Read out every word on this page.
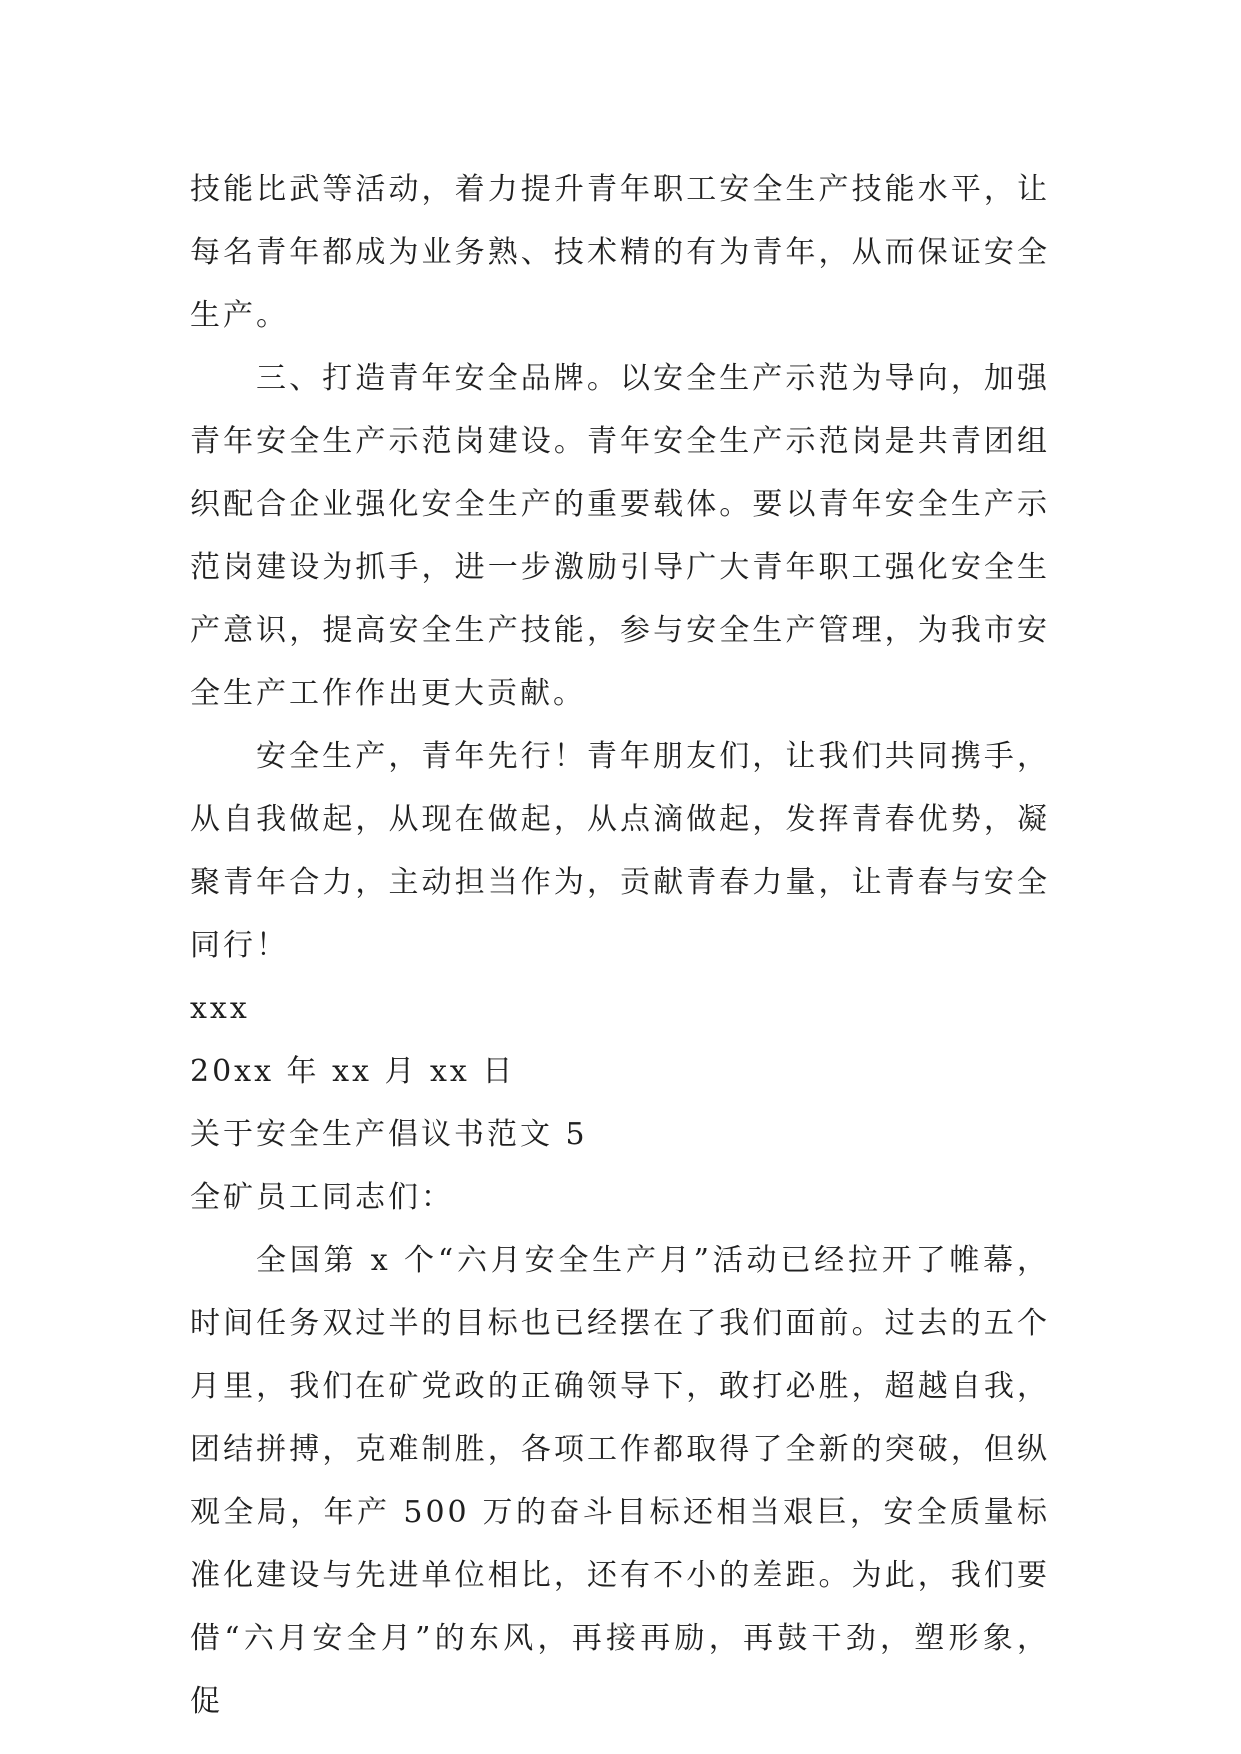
技能比武等活动，着力提升青年职工安全生产技能水平，让每名青年都成为业务熟、技术精的有为青年，从而保证安全生产。

三、打造青年安全品牌。以安全生产示范为导向，加强青年安全生产示范岗建设。青年安全生产示范岗是共青团组织配合企业强化安全生产的重要载体。要以青年安全生产示范岗建设为抓手，进一步激励引导广大青年职工强化安全生产意识，提高安全生产技能，参与安全生产管理，为我市安全生产工作作出更大贡献。

安全生产，青年先行！青年朋友们，让我们共同携手，从自我做起，从现在做起，从点滴做起，发挥青春优势，凝聚青年合力，主动担当作为，贡献青春力量，让青春与安全同行！

xxx

20xx 年 xx 月 xx 日

关于安全生产倡议书范文 5

全矿员工同志们：

全国第 x 个“六月安全生产月”活动已经拉开了帷幕，时间任务双过半的目标也已经摆在了我们面前。过去的五个月里，我们在矿党政的正确领导下，敢打必胜，超越自我，团结拼搏，克难制胜，各项工作都取得了全新的突破，但纵观全局，年产 500 万的奋斗目标还相当艰巨，安全质量标准化建设与先进单位相比，还有不小的差距。为此，我们要借“六月安全月”的东风，再接再励，再鼓干劲，塑形象，促
